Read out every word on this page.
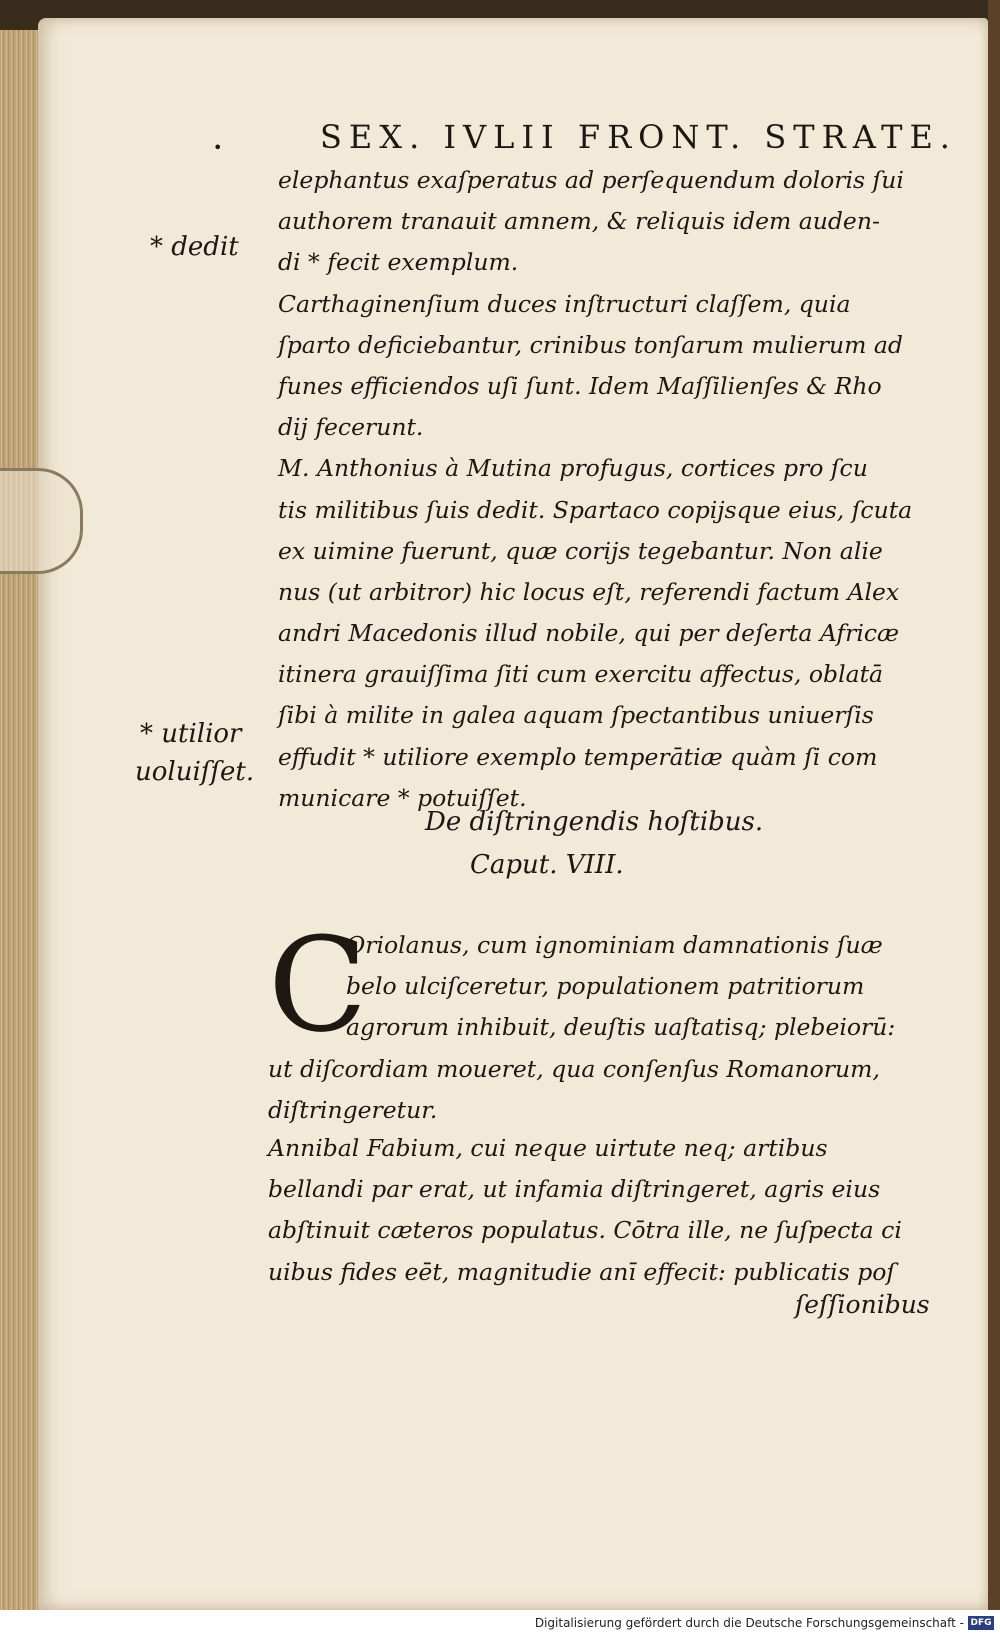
•	SEX. IVLII FRONT. STRATE.
* dedit
* utilior
uoluiſſet.
elephantus exaſperatus ad perſequendum doloris ſui
authorem tranauit amnem, & reliquis idem auden-
di * fecit exemplum.
Carthaginenſium duces inſtructuri claſſem, quia
ſparto deficiebantur, crinibus tonſarum mulierum ad
funes efficiendos uſi ſunt. Idem Maſſilienſes & Rho
dij fecerunt.
M. Anthonius à Mutina profugus, cortices pro ſcu
tis militibus ſuis dedit. Spartaco copijsque eius, ſcuta
ex uimine fuerunt, quæ corijs tegebantur. Non alie
nus (ut arbitror) hic locus eſt, referendi factum Alex
andri Macedonis illud nobile, qui per deſerta Africæ
itinera grauiſſima ſiti cum exercitu affectus, oblatā
ſibi à milite in galea aquam ſpectantibus uniuerſis
effudit * utiliore exemplo temperātiæ quàm ſi com
municare * potuiſſet.
De diſtringendis hoſtibus.
Caput. VIII.
C
Oriolanus, cum ignominiam damnationis ſuæ
belo ulciſceretur, populationem patritiorum
agrorum inhibuit, deuſtis uaſtatisq; plebeiorū:
ut diſcordiam moueret, qua conſenſus Romanorum,
diſtringeretur.
Annibal Fabium, cui neque uirtute neq; artibus
bellandi par erat, ut infamia diſtringeret, agris eius
abſtinuit cæteros populatus. Cōtra ille, ne ſuſpecta ci
uibus fides eēt, magnitudie anī effecit: publicatis poſ
ſeſſionibus
Digitalisierung gefördert durch die Deutsche Forschungsgemeinschaft - DFG
